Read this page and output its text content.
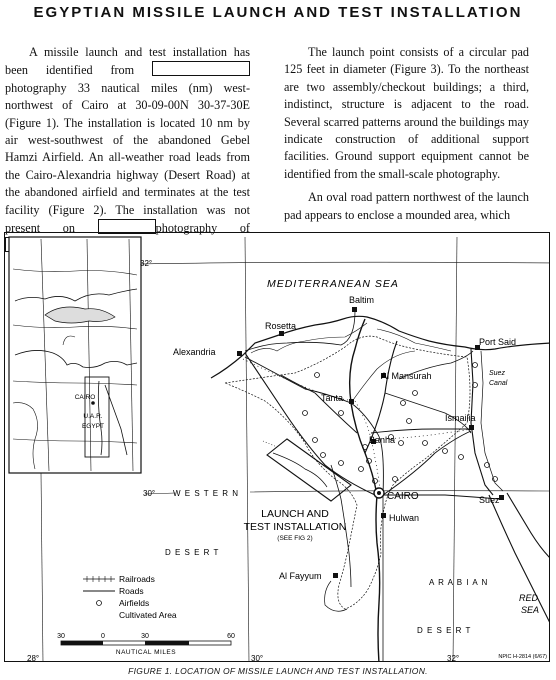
EGYPTIAN MISSILE LAUNCH AND TEST INSTALLATION

A missile launch and test installation has been identified from photography 33 nautical miles (nm) west-northwest of Cairo at 30-09-00N 30-37-30E (Figure 1). The installation is located 10 nm by air west-southwest of the abandoned Gebel Hamzi Airfield. An all-weather road leads from the Cairo-Alexandria highway (Desert Road) at the abandoned airfield and terminates at the test facility (Figure 2). The installation was not present on	photography of

The launch point consists of a circular pad 125 feet in diameter (Figure 3). To the northeast are two assembly/checkout buildings; a third, indistinct, structure is adjacent to the road. Several scarred patterns around the buildings may indicate construction of additional support facilities. Ground support equipment cannot be identified from the small-scale photography.

An oval road pattern northwest of the launch pad appears to enclose a mounded area, which

CAIRO
U.A.R.
EGYPT
MEDITERRANEAN SEA
32°
30°
28°	30°	32°
W E S T E R N
D E S E R T
A R A B I A N
D E S E R T
RED
SEA
Suez
Canal
Baltim
Rosetta
Alexandria
Port Said
Al Mansurah
Tanta
Ismailia
Banha
CAIRO
Hulwan
Suez
Al Fayyum
LAUNCH AND
TEST INSTALLATION
(SEE FIG 2)
Railroads
Roads
Airfields
Cultivated Area
30	0	30	60
NAUTICAL MILES
NPIC H-2814 (6/67)
FIGURE 1. LOCATION OF MISSILE LAUNCH AND TEST INSTALLATION.
